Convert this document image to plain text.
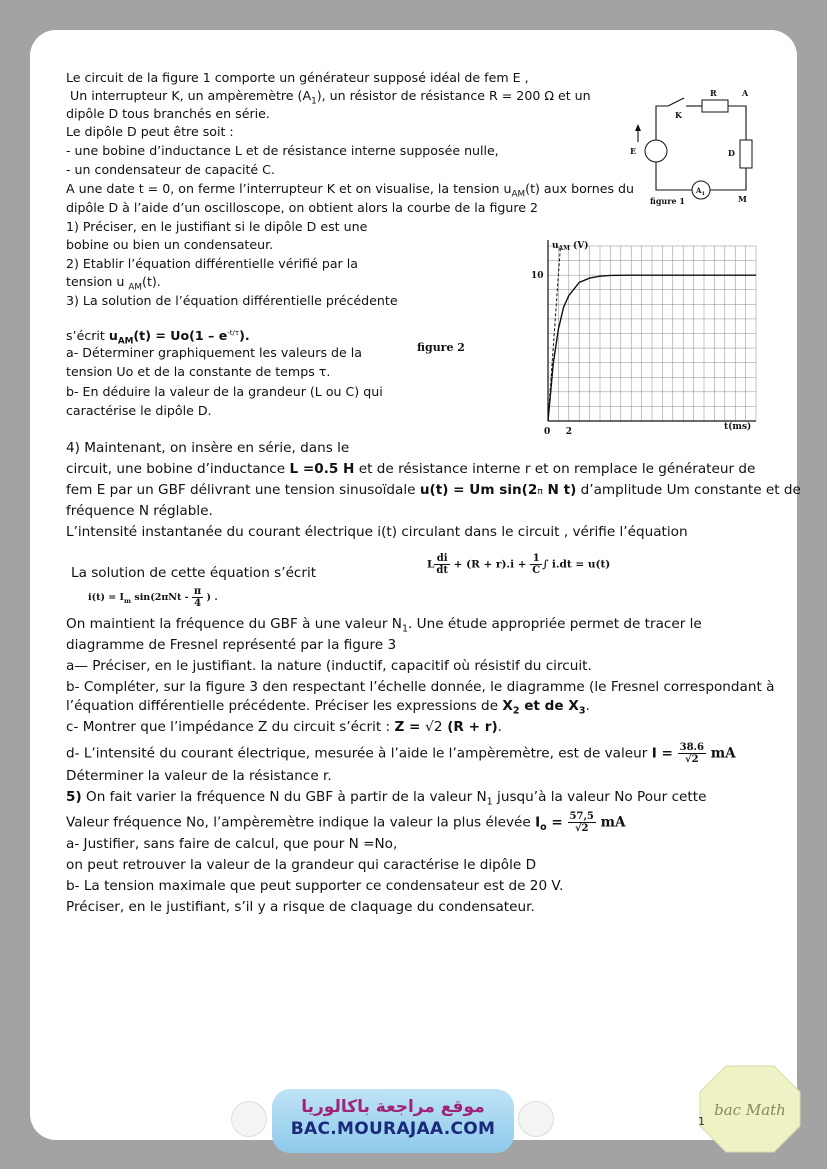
Le circuit de la figure 1 comporte un générateur supposé idéal de fem E ,
Un interrupteur K, un ampèremètre $(A_1)$, un résistor de résistance R = 200 Ω et un
dipôle D tous branchés en série.
Le dipôle D peut être soit :
- une bobine d’inductance L et de résistance interne supposée nulle,
- un condensateur de capacité C.
A une date t = 0, on ferme l’interrupteur K et on visualise, la tension $u_{AM}(t)$ aux bornes du
dipôle D à l’aide d’un oscilloscope, on obtient alors la courbe de la figure 2
1) Préciser, en le justifiant si le dipôle D est une
bobine ou bien un condensateur.
2) Etablir l’équation différentielle vérifié par la
tension u $_{AM}$(t).
3) La solution de l’équation différentielle précédente
s’écrit $u_{AM}(t) = Uo(1 - e^{-t/\tau})$.
a- Déterminer graphiquement les valeurs de la
tension Uo et de la constante de temps τ.
b- En déduire la valeur de la grandeur (L ou C) qui
caractérise le dipôle D.
R	A
K
E	D
$A_1$	M
figure 1
$u_{AM}$ (V)
10
0 2	t(ms)
figure 2
4) Maintenant, on insère en série, dans le
circuit, une bobine d’inductance L =0.5 H et de résistance interne r et on remplace le générateur de
fem E par un GBF délivrant une tension sinusoïdale u(t) = Um sin(2π N t) d’amplitude Um constante et de
fréquence N réglable.
L’intensité instantanée du courant électrique i(t) circulant dans le circuit , vérifie l’équation
La solution de cette équation s’écrit
L $\frac{di}{dt} + (R + r).i + \frac{1}{C}$ ∫ i.dt = u(t)
$i(t) = I_m$ $\sin(2\pi Nt - \frac{\pi}{4}$ ) .
On maintient la fréquence du GBF à une valeur $N_1$. Une étude appropriée permet de tracer le
diagramme de Fresnel représenté par la figure 3
a— Préciser, en le justifiant. la nature (inductif, capacitif où résistif du circuit.
b- Compléter, sur la figure 3 den respectant l’échelle donnée, le diagramme (le Fresnel correspondant à
l’équation différentielle précédente. Préciser les expressions de $X_2$ et de $X_3$.
c- Montrer que l’impédance Z du circuit s’écrit : Z = √2 (R + r).
d- L’intensité du courant électrique, mesurée à l’aide le l’ampèremètre, est de valeur $I = \frac{38.6}{√2}$ mA
Déterminer la valeur de la résistance r.
5) On fait varier la fréquence N du GBF à partir de la valeur $N_1$ jusqu’à la valeur No Pour cette
Valeur fréquence No, l’ampèremètre indique la valeur la plus élevée $I_o = \frac{57,5}{√2}$ mA
a- Justifier, sans faire de calcul, que pour N =No,
on peut retrouver la valeur de la grandeur qui caractérise le dipôle D
b- La tension maximale que peut supporter ce condensateur est de 20 V.
Préciser, en le justifiant, s’il y a risque de claquage du condensateur.
موقع مراجعة باكالوريا
BAC.MOURAJAA.COM
bac Math
1
